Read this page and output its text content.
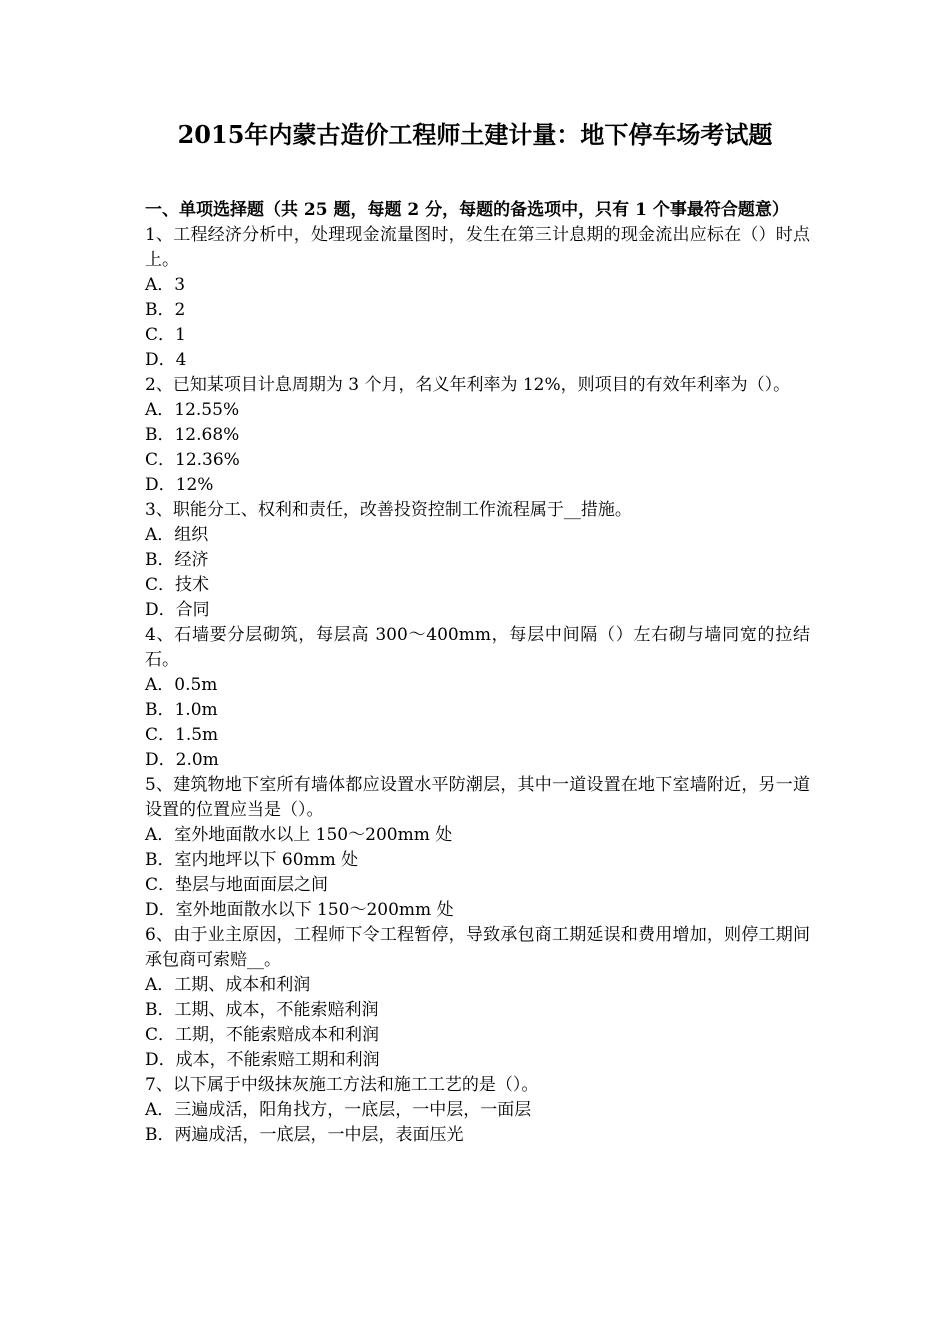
2015年内蒙古造价工程师土建计量：地下停车场考试题
一、单项选择题（共 25 题，每题 2 分，每题的备选项中，只有 1 个事最符合题意）
1、工程经济分析中，处理现金流量图时，发生在第三计息期的现金流出应标在（）时点上。
A．3
B．2
C．1
D．4
2、已知某项目计息周期为 3 个月，名义年利率为 12%，则项目的有效年利率为（）。
A．12.55%
B．12.68%
C．12.36%
D．12%
3、职能分工、权利和责任，改善投资控制工作流程属于__措施。
A．组织
B．经济
C．技术
D．合同
4、石墙要分层砌筑，每层高 300～400mm，每层中间隔（）左右砌与墙同宽的拉结石。
A．0.5m
B．1.0m
C．1.5m
D．2.0m
5、建筑物地下室所有墙体都应设置水平防潮层，其中一道设置在地下室墙附近，另一道设置的位置应当是（）。
A．室外地面散水以上 150～200mm 处
B．室内地坪以下 60mm 处
C．垫层与地面面层之间
D．室外地面散水以下 150～200mm 处
6、由于业主原因，工程师下令工程暂停，导致承包商工期延误和费用增加，则停工期间承包商可索赔__。
A．工期、成本和利润
B．工期、成本，不能索赔利润
C．工期，不能索赔成本和利润
D．成本，不能索赔工期和利润
7、以下属于中级抹灰施工方法和施工工艺的是（）。
A．三遍成活，阳角找方，一底层，一中层，一面层
B．两遍成活，一底层，一中层，表面压光
